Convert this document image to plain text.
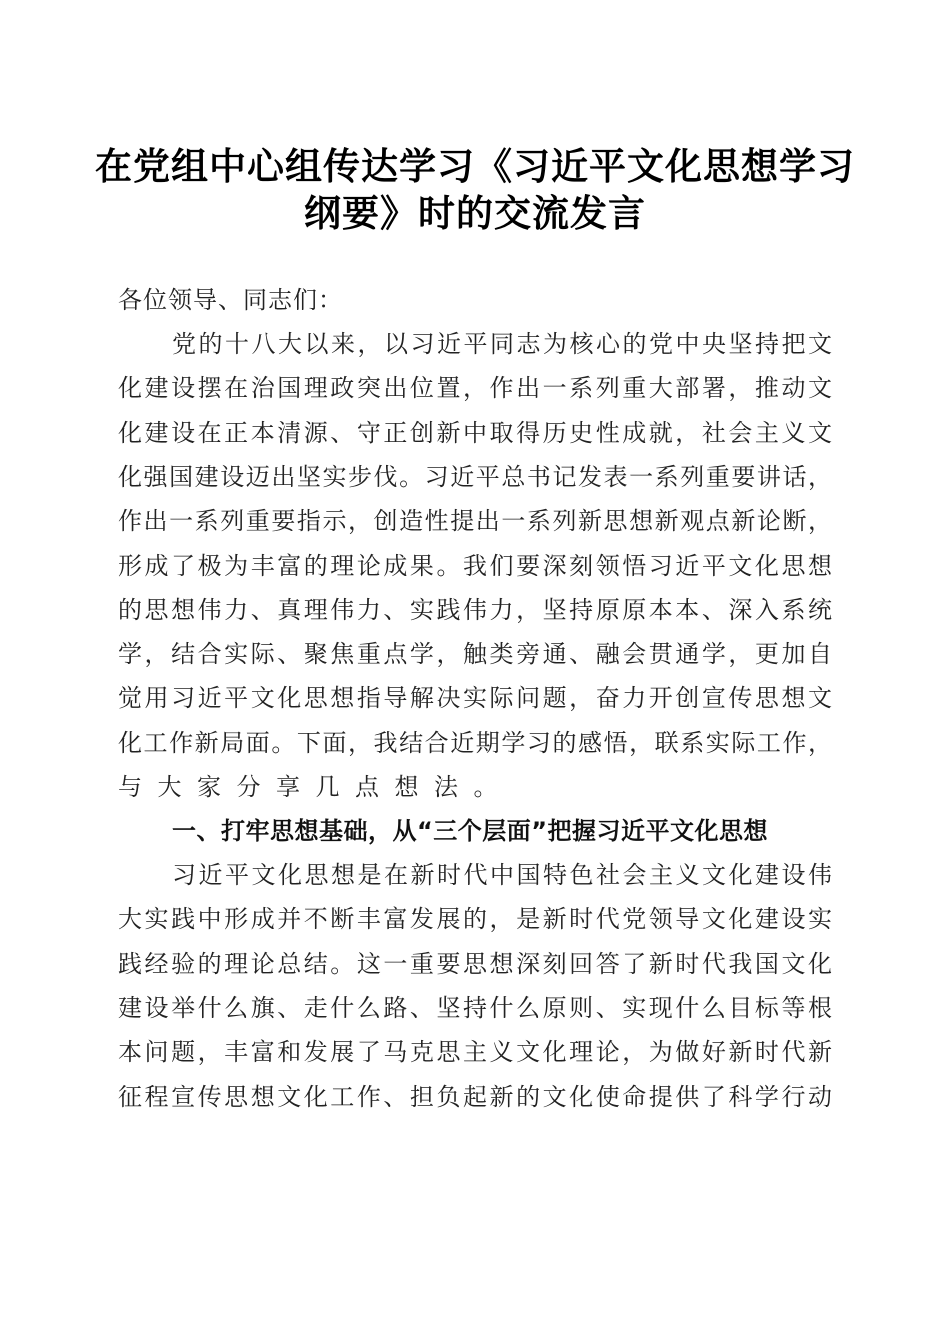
在党组中心组传达学习《习近平文化思想学习
纲要》时的交流发言
各位领导、同志们：
党的十八大以来，以习近平同志为核心的党中央坚持把文
化建设摆在治国理政突出位置，作出一系列重大部署，推动文
化建设在正本清源、守正创新中取得历史性成就，社会主义文
化强国建设迈出坚实步伐。习近平总书记发表一系列重要讲话，
作出一系列重要指示，创造性提出一系列新思想新观点新论断，
形成了极为丰富的理论成果。我们要深刻领悟习近平文化思想
的思想伟力、真理伟力、实践伟力，坚持原原本本、深入系统
学，结合实际、聚焦重点学，触类旁通、融会贯通学，更加自
觉用习近平文化思想指导解决实际问题，奋力开创宣传思想文
化工作新局面。下面，我结合近期学习的感悟，联系实际工作，
与大家分享几点想法。
一、打牢思想基础，从“三个层面”把握习近平文化思想
习近平文化思想是在新时代中国特色社会主义文化建设伟
大实践中形成并不断丰富发展的，是新时代党领导文化建设实
践经验的理论总结。这一重要思想深刻回答了新时代我国文化
建设举什么旗、走什么路、坚持什么原则、实现什么目标等根
本问题，丰富和发展了马克思主义文化理论，为做好新时代新
征程宣传思想文化工作、担负起新的文化使命提供了科学行动
